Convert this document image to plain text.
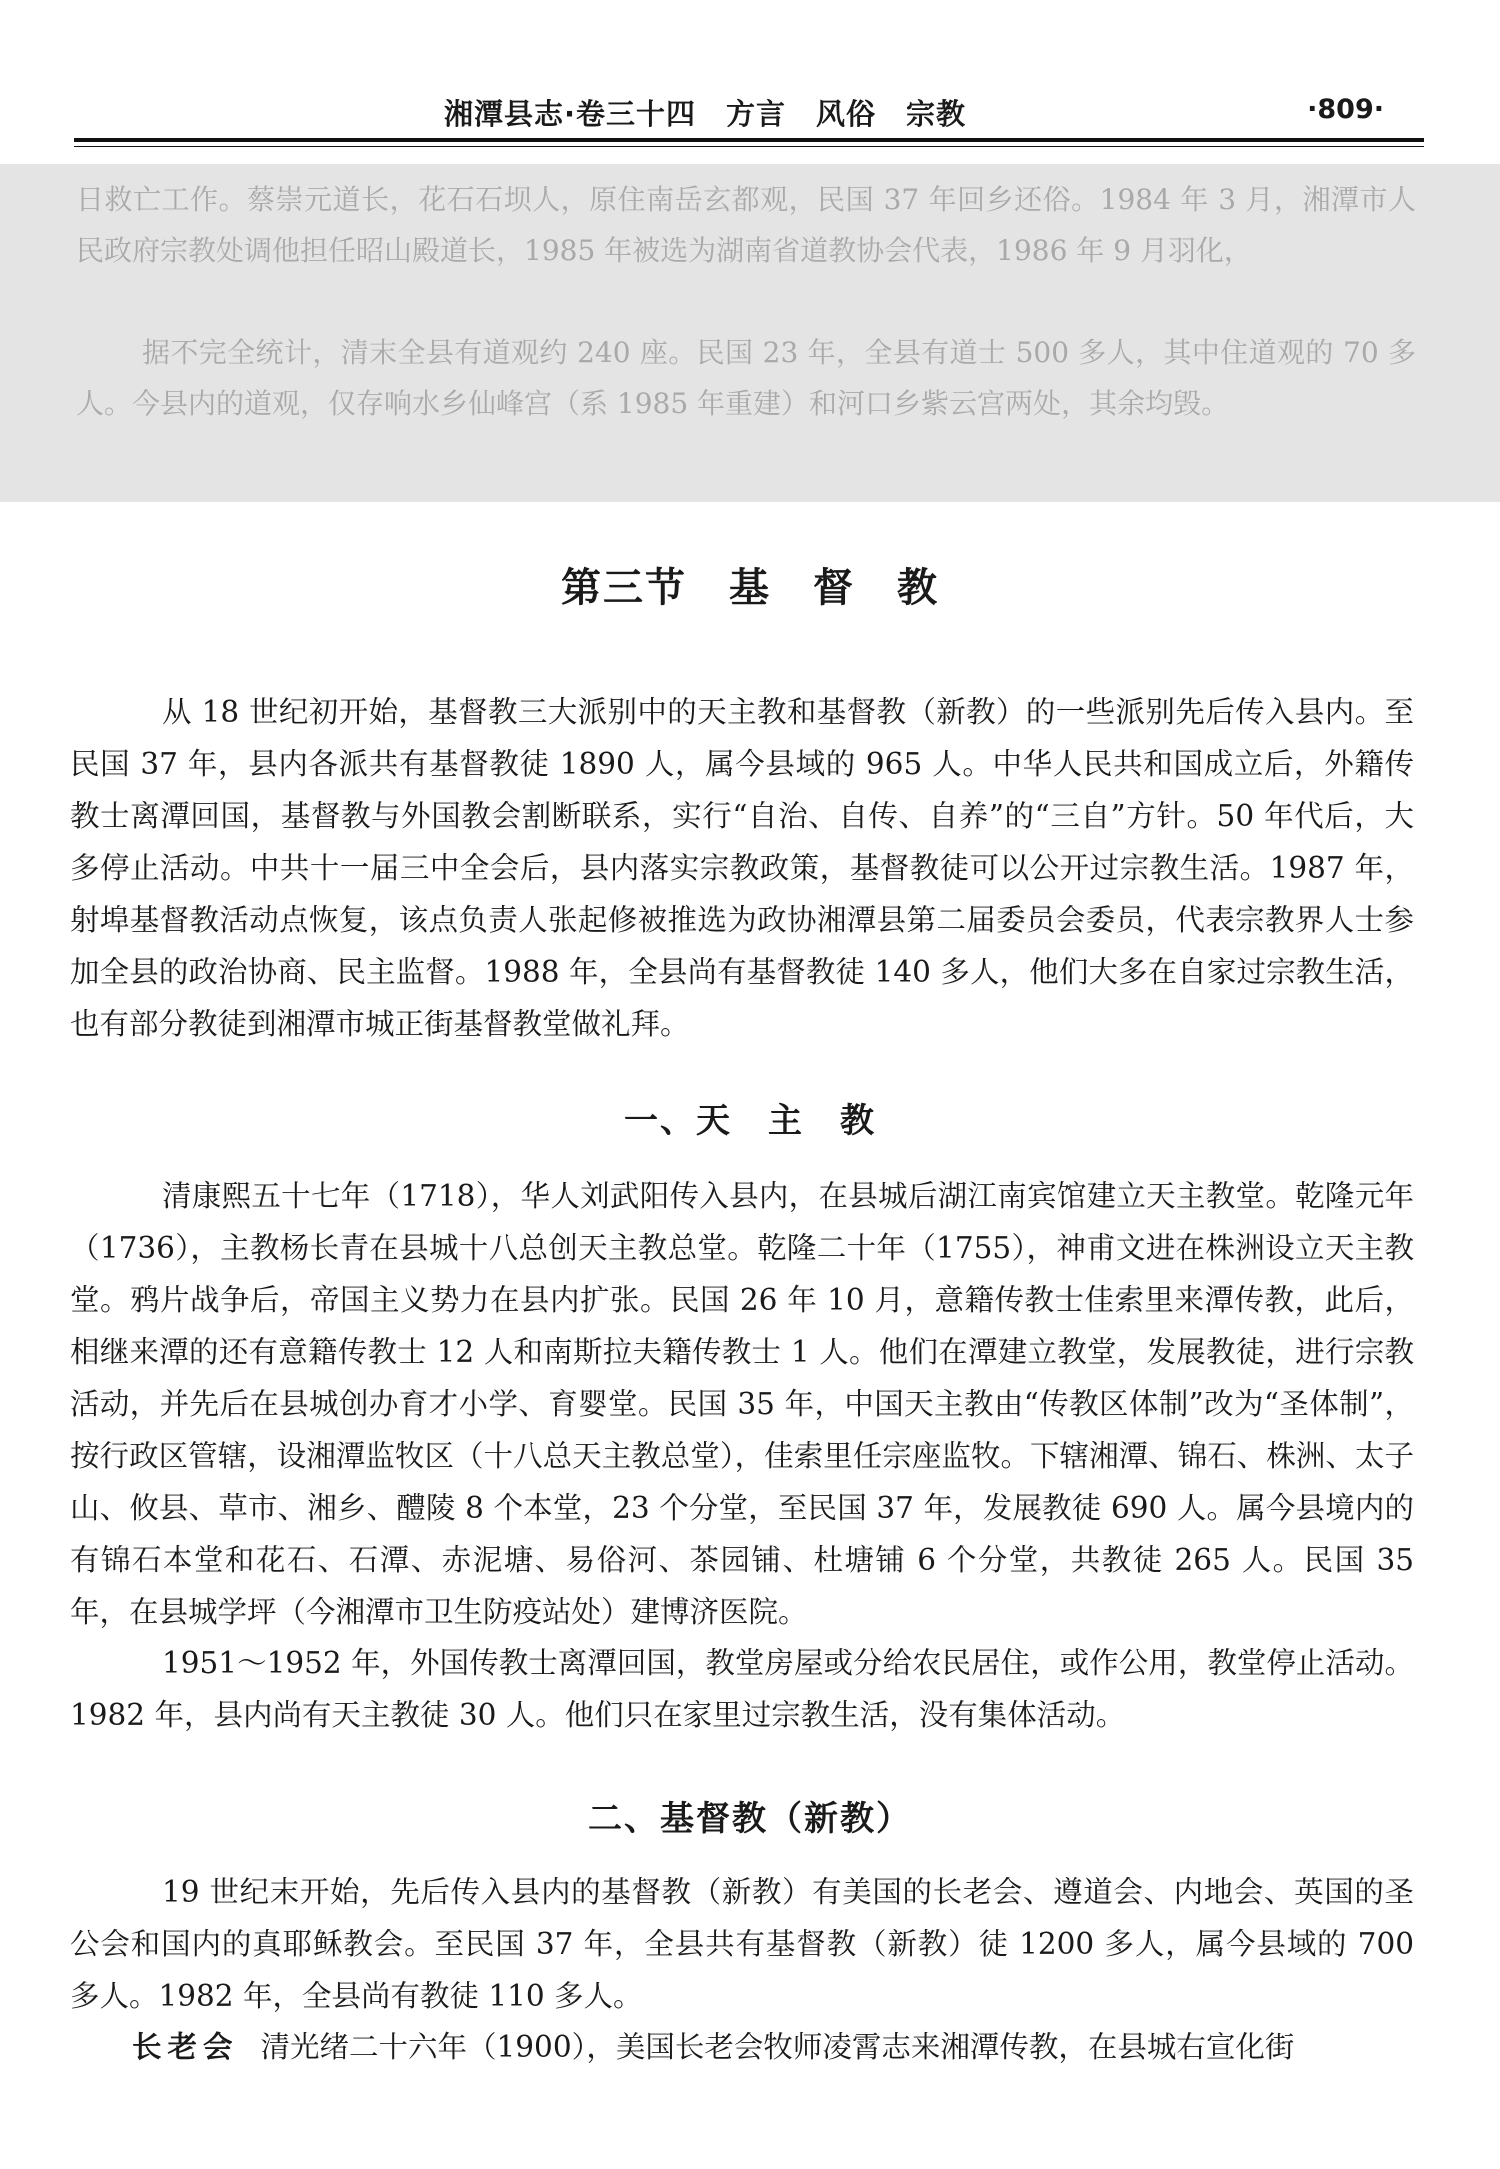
湘潭县志·卷三十四　方言　风俗　宗教	·809·

日救亡工作。蔡崇元道长，花石石坝人，原住南岳玄都观，民国 37 年回乡还俗。1984 年 3 月，湘潭市人民政府宗教处调他担任昭山殿道长，1985 年被选为湖南省道教协会代表，1986 年 9 月羽化，

据不完全统计，清末全县有道观约 240 座。民国 23 年，全县有道士 500 多人，其中住道观的 70 多人。今县内的道观，仅存响水乡仙峰宫（系 1985 年重建）和河口乡紫云宫两处，其余均毁。

第三节　基　督　教

从 18 世纪初开始，基督教三大派别中的天主教和基督教（新教）的一些派别先后传入县内。至民国 37 年，县内各派共有基督教徒 1890 人，属今县域的 965 人。中华人民共和国成立后，外籍传教士离潭回国，基督教与外国教会割断联系，实行“自治、自传、自养”的“三自”方针。50 年代后，大多停止活动。中共十一届三中全会后，县内落实宗教政策，基督教徒可以公开过宗教生活。1987 年，射埠基督教活动点恢复，该点负责人张起修被推选为政协湘潭县第二届委员会委员，代表宗教界人士参加全县的政治协商、民主监督。1988 年，全县尚有基督教徒 140 多人，他们大多在自家过宗教生活，也有部分教徒到湘潭市城正街基督教堂做礼拜。

一、天　主　教

清康熙五十七年（1718），华人刘武阳传入县内，在县城后湖江南宾馆建立天主教堂。乾隆元年（1736），主教杨长青在县城十八总创天主教总堂。乾隆二十年（1755），神甫文进在株洲设立天主教堂。鸦片战争后，帝国主义势力在县内扩张。民国 26 年 10 月，意籍传教士佳索里来潭传教，此后，相继来潭的还有意籍传教士 12 人和南斯拉夫籍传教士 1 人。他们在潭建立教堂，发展教徒，进行宗教活动，并先后在县城创办育才小学、育婴堂。民国 35 年，中国天主教由“传教区体制”改为“圣体制”，按行政区管辖，设湘潭监牧区（十八总天主教总堂），佳索里任宗座监牧。下辖湘潭、锦石、株洲、太子山、攸县、草市、湘乡、醴陵 8 个本堂，23 个分堂，至民国 37 年，发展教徒 690 人。属今县境内的有锦石本堂和花石、石潭、赤泥塘、易俗河、茶园铺、杜塘铺 6 个分堂，共教徒 265 人。民国 35 年，在县城学坪（今湘潭市卫生防疫站处）建博济医院。

1951～1952 年，外国传教士离潭回国，教堂房屋或分给农民居住，或作公用，教堂停止活动。1982 年，县内尚有天主教徒 30 人。他们只在家里过宗教生活，没有集体活动。

二、基督教（新教）

19 世纪末开始，先后传入县内的基督教（新教）有美国的长老会、遵道会、内地会、英国的圣公会和国内的真耶稣教会。至民国 37 年，全县共有基督教（新教）徒 1200 多人，属今县域的 700 多人。1982 年，全县尚有教徒 110 多人。

长老会 清光绪二十六年（1900），美国长老会牧师凌霄志来湘潭传教，在县城右宣化街
